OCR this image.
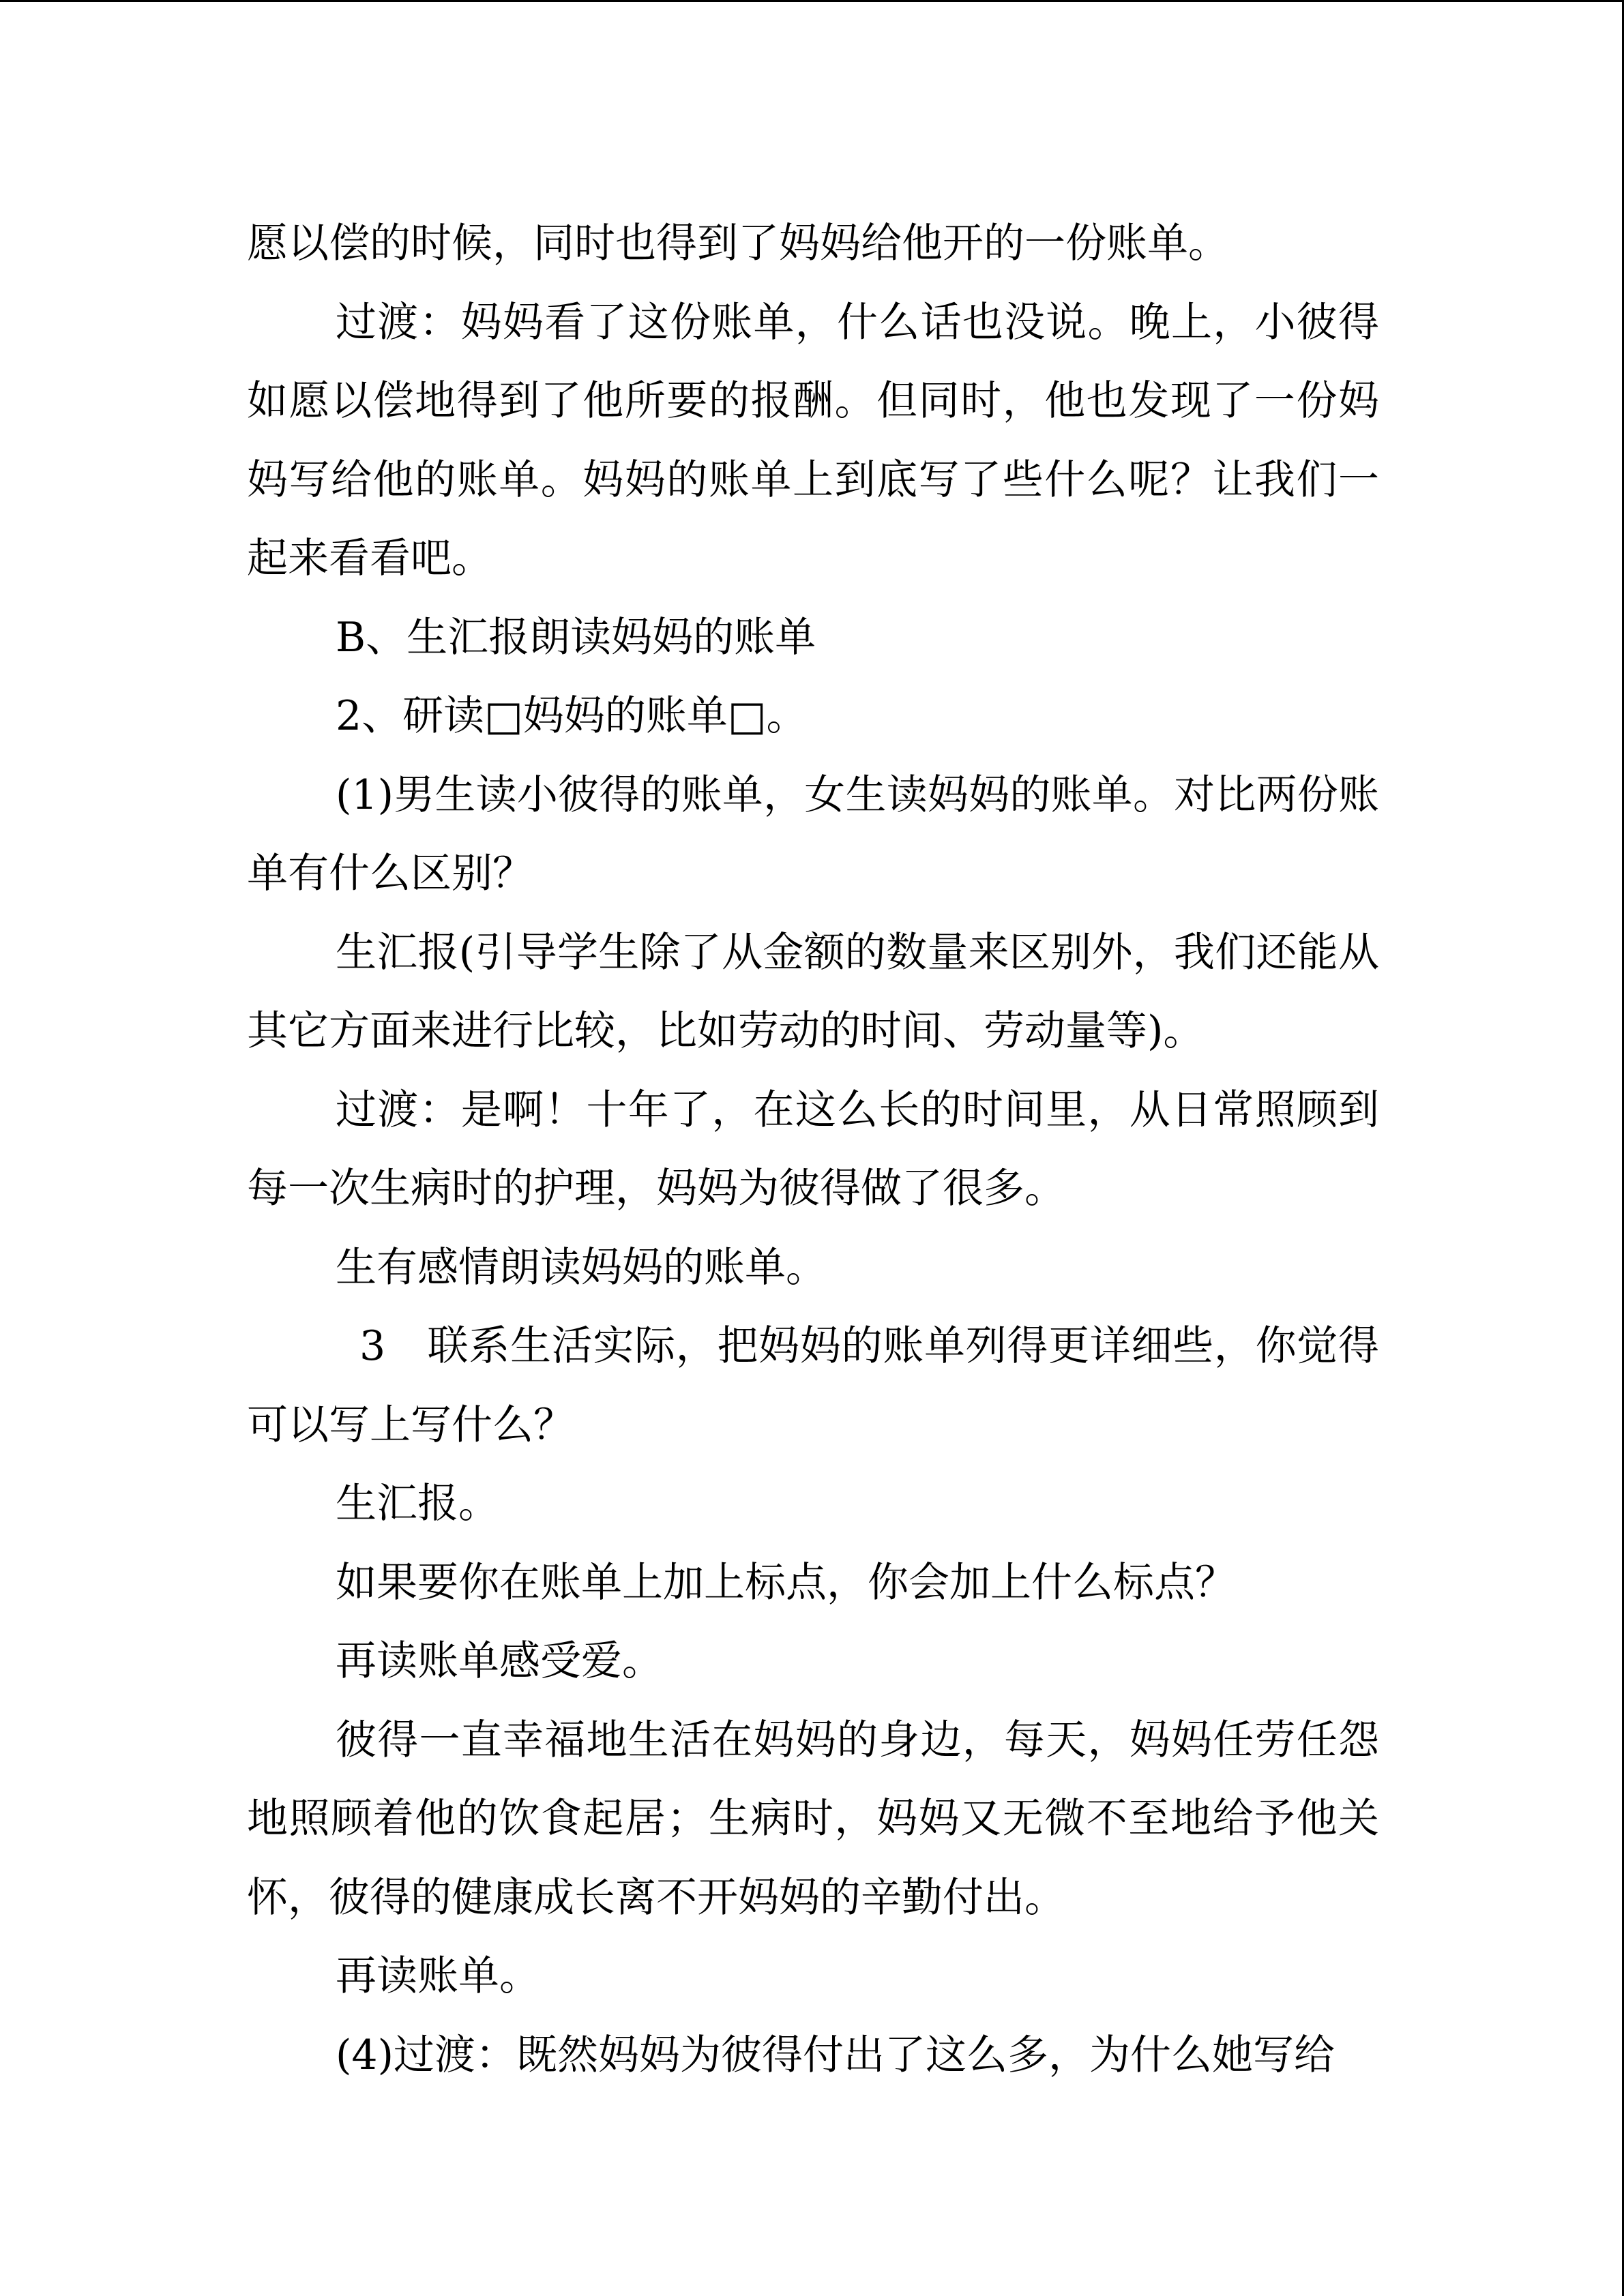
愿以偿的时候，同时也得到了妈妈给他开的一份账单。

过渡：妈妈看了这份账单，什么话也没说。晚上，小彼得如愿以偿地得到了他所要的报酬。但同时，他也发现了一份妈妈写给他的账单。妈妈的账单上到底写了些什么呢？让我们一起来看看吧。

B、生汇报朗读妈妈的账单

2、研读□妈妈的账单□。

(1)男生读小彼得的账单，女生读妈妈的账单。对比两份账单有什么区别？

生汇报(引导学生除了从金额的数量来区别外，我们还能从其它方面来进行比较，比如劳动的时间、劳动量等)。

过渡：是啊！十年了，在这么长的时间里，从日常照顾到每一次生病时的护理，妈妈为彼得做了很多。

生有感情朗读妈妈的账单。

3　联系生活实际，把妈妈的账单列得更详细些，你觉得可以写上写什么？

生汇报。

如果要你在账单上加上标点，你会加上什么标点？

再读账单感受爱。

彼得一直幸福地生活在妈妈的身边，每天，妈妈任劳任怨地照顾着他的饮食起居；生病时，妈妈又无微不至地给予他关怀，彼得的健康成长离不开妈妈的辛勤付出。

再读账单。

(4)过渡：既然妈妈为彼得付出了这么多，为什么她写给
